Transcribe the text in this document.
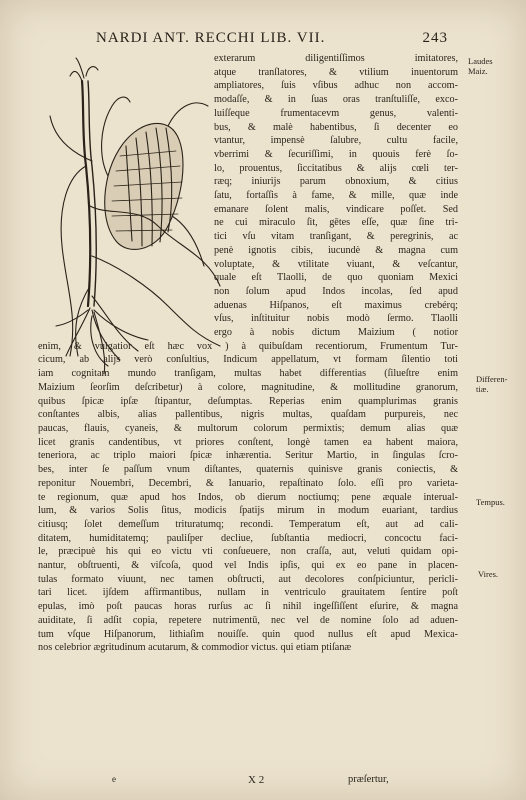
NARDI ANT. RECCHI LIB. VII.	243
exterarum diligentiſſimos imitatores,
atque tranſlatores, & vtilium inuentorum
ampliatores, ſuis vſibus adhuc non accom-
modaſſe, & in ſuas oras tranſtuliſſe, exco-
luiſſeque frumentacevm genus, valenti-
bus, & malè habentibus, ſi decenter eo
vtantur, impensè ſalubre, cultu facile,
vberrimi & ſecuriſſimi, in quouis ferè ſo-
lo, prouentus, ſiccitatibus & alijs cœli ter-
ræq; iniurijs parum obnoxium, & citius
ſatu, fortaſſis à fame, & mille, quæ inde
emanare ſolent malis, vindicare poſſet. Sed
ne cui miraculo ſit, gētes eſſe, quæ ſine tri-
tici vſu vitam tranſigant, & peregrinis, ac
penè ignotis cibis, iucundè & magna cum
voluptate, & vtilitate viuant, & veſcantur,
quale eſt Tlaolli, de quo quoniam Mexici
non ſolum apud Indos incolas, ſed apud
aduenas Hiſpanos, eſt maximus crebérq;
vſus, inſtituitur nobis modò ſermo. Tlaolli
ergo à nobis dictum Maizium ( notior
enim, & vulgatior eſt hæc vox ) à quibuſdam recentiorum, Frumentum Tur-
cicum, ab alijs verò conſultius, Indicum appellatum, vt formam ſilentio toti
iam cognitam mundo tranſigam, multas habet differentias (ſilueſtre enim
Maizium ſeorſim deſcribetur) à colore, magnitudine, & mollitudine granorum,
quibus ſpicæ ipſæ ſtipantur, deſumptas. Reperias enim quamplurimas granis
conſtantes albis, alias pallentibus, nigris multas, quaſdam purpureis, nec
paucas, flauis, cyaneis, & multorum colorum permixtis; demum alias quæ
licet granis candentibus, vt priores conſtent, longè tamen ea habent maiora,
teneriora, ac triplo maiori ſpicæ inhærentia. Seritur Martio, in ſingulas ſcro-
bes, inter ſe paſſum vnum diſtantes, quaternis quinisve granis coniectis, &
reponitur Nouembri, Decembri, & Ianuario, repaſtinato ſolo. eſſi pro varieta-
te regionum, quæ apud hos Indos, ob dierum noctiumq; pene æquale interual-
lum, & varios Solis ſitus, modicis ſpatijs mirum in modum euariant, tardius
citiusq; ſolet demeſſum trituratumq; recondi. Temperatum eſt, aut ad cali-
ditatem, humiditatemq; pauliſper decliue, ſubſtantia mediocri, concoctu faci-
le, præcipuè his qui eo victu vti conſueuere, non craſſa, aut, veluti quidam opi-
nantur, obſtruenti, & viſcoſa, quod vel Indis ipſis, qui ex eo pane in placen-
tulas formato viuunt, nec tamen obſtructi, aut decolores conſpiciuntur, pericli-
tari licet. ijſdem affirmantibus, nullam in ventriculo grauitatem ſentire poſt
epulas, imò poſt paucas horas rurſus ac ſi nihil ingeſſiſſent eſurire, & magna
auiditate, ſi adſit copia, repetere nutrimentū, nec vel de nomine ſolo ad aduen-
tum vſque Hiſpanorum, lithiaſim nouiſſe. quin quod nullus eſt apud Mexica-
nos celebrior ægritudinum acutarum, & commodior victus. qui etiam ptiſanæ
Laudes
Maiz.
Differen-
tiæ.
Tempus.
Vires.
e	X 2	præſertur,
